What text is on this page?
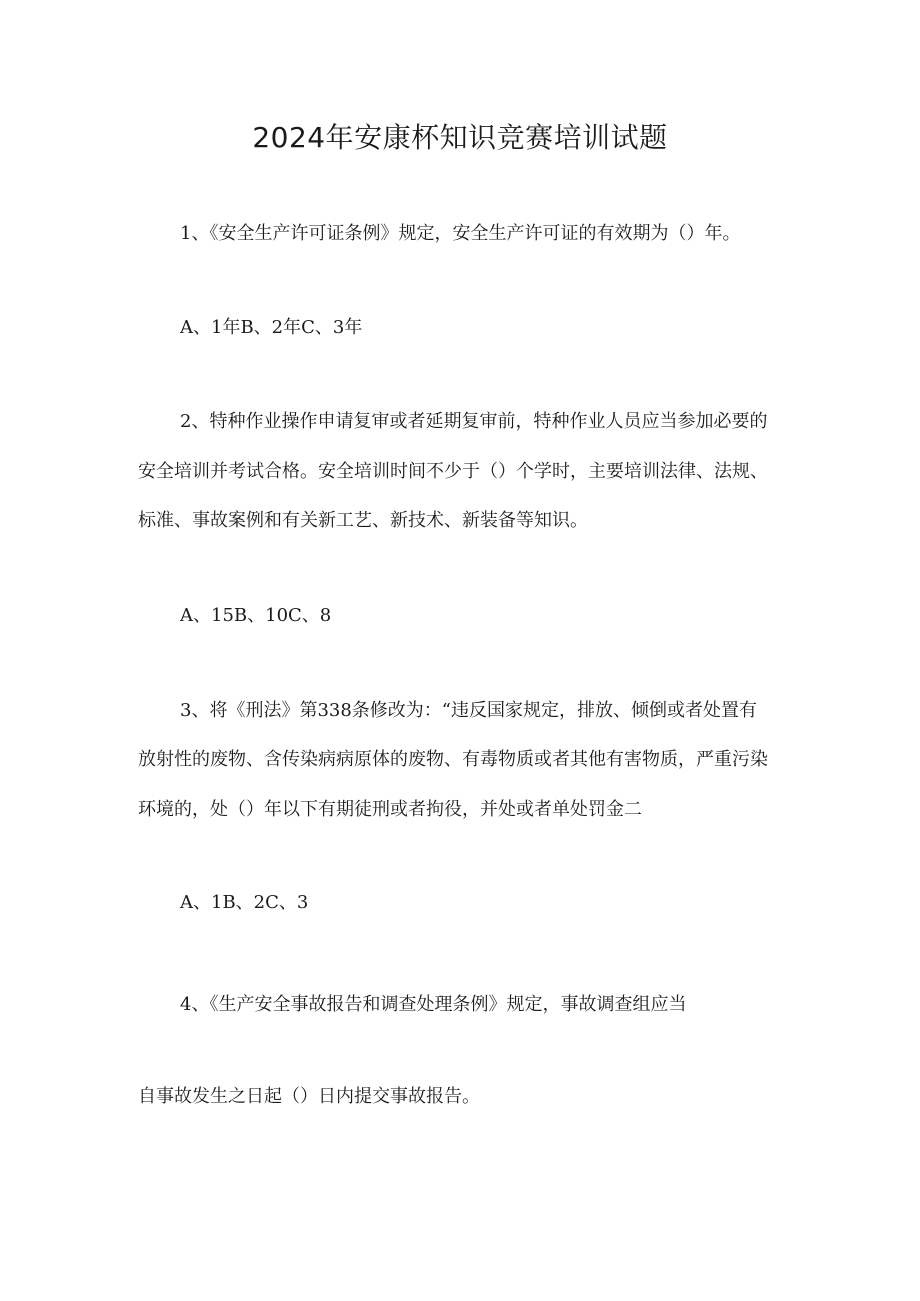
2024年安康杯知识竞赛培训试题

1、《安全生产许可证条例》规定，安全生产许可证的有效期为（）年。

A、1年B、2年C、3年

2、特种作业操作申请复审或者延期复审前，特种作业人员应当参加必要的

安全培训并考试合格。安全培训时间不少于（）个学时，主要培训法律、法规、

标准、事故案例和有关新工艺、新技术、新装备等知识。

A、15B、10C、8

3、将《刑法》第338条修改为：“违反国家规定，排放、倾倒或者处置有

放射性的废物、含传染病病原体的废物、有毒物质或者其他有害物质，严重污染

环境的，处（）年以下有期徒刑或者拘役，并处或者单处罚金二

A、1B、2C、3

4、《生产安全事故报告和调查处理条例》规定，事故调查组应当

自事故发生之日起（）日内提交事故报告。
